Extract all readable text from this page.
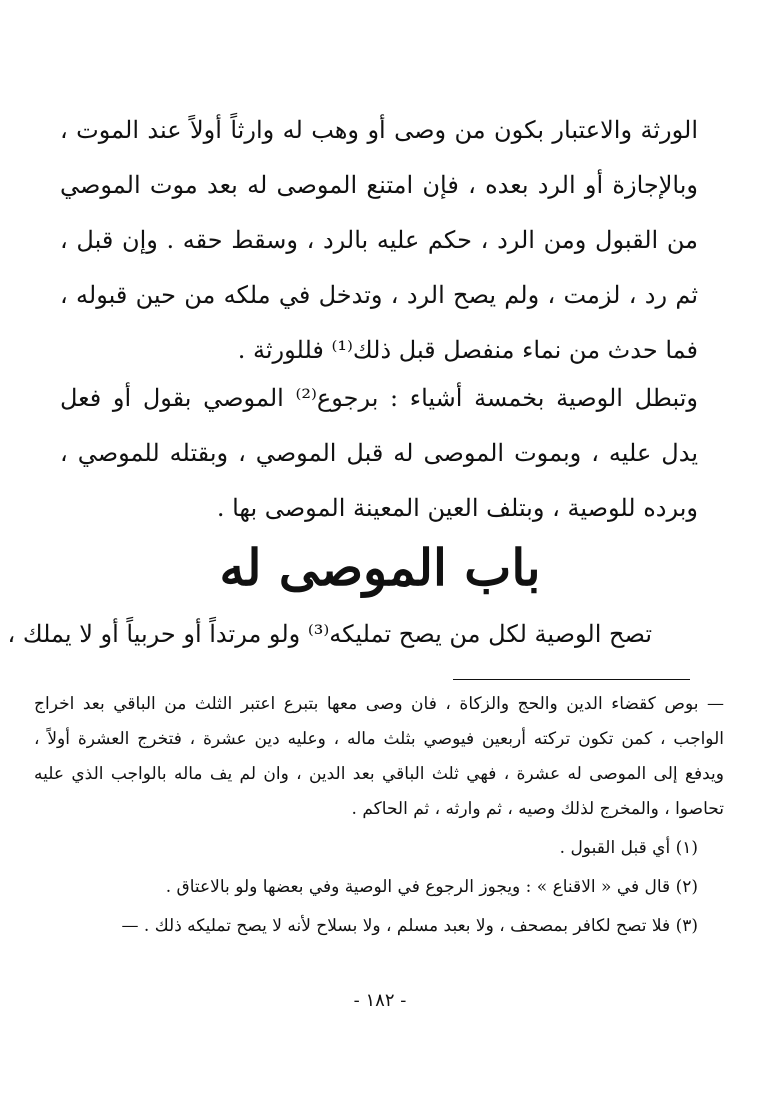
الورثة والاعتبار بكون من وصى أو وهب له وارثاً أولاً عند الموت ، وبالإجازة أو الرد بعده ، فإن امتنع الموصى له بعد موت الموصي من القبول ومن الرد ، حكم عليه بالرد ، وسقط حقه . وإن قبل ، ثم رد ، لزمت ، ولم يصح الرد ، وتدخل في ملكه من حين قبوله ، فما حدث من نماء منفصل قبل ذلك⁽¹⁾ فللورثة .
وتبطل الوصية بخمسة أشياء : برجوع⁽²⁾ الموصي بقول أو فعل يدل عليه ، وبموت الموصى له قبل الموصي ، وبقتله للموصي ، وبرده للوصية ، وبتلف العين المعينة الموصى بها .
باب الموصى له
تصح الوصية لكل من يصح تمليكه⁽³⁾ ولو مرتداً أو حربياً أو لا يملك ،

— بوص كقضاء الدين والحج والزكاة ، فان وصى معها بتبرع اعتبر الثلث من الباقي بعد اخراج الواجب ، كمن تكون تركته أربعين فيوصي بثلث ماله ، وعليه دين عشرة ، فتخرج العشرة أولاً ، ويدفع إلى الموصى له عشرة ، فهي ثلث الباقي بعد الدين ، وان لم يف ماله بالواجب الذي عليه تحاصوا ، والمخرج لذلك وصيه ، ثم وارثه ، ثم الحاكم .

(١) أي قبل القبول .

(٢) قال في « الاقناع » : ويجوز الرجوع في الوصية وفي بعضها ولو بالاعتاق .

(٣) فلا تصح لكافر بمصحف ، ولا بعبد مسلم ، ولا بسلاح لأنه لا يصح تمليكه ذلك . —

- ١٨٢ -
